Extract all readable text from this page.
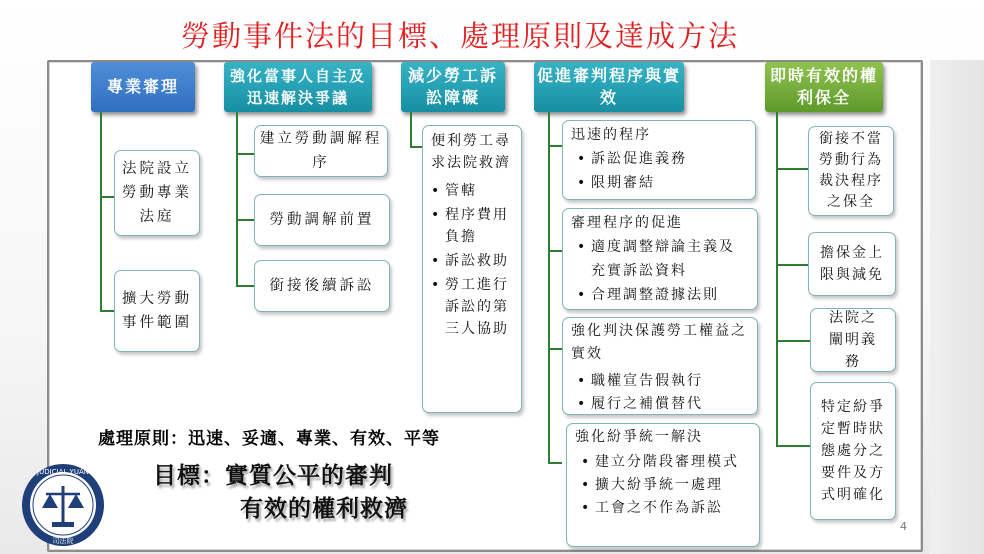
勞動事件法的目標、處理原則及達成方法
專業審理
法院設立勞動專業法庭
擴大勞動事件範圍
強化當事人自主及迅速解決爭議
建立勞動調解程序
勞動調解前置
銜接後續訴訟
減少勞工訴訟障礙
便利勞工尋求法院救濟
• 管轄
• 程序費用負擔
• 訴訟救助
• 勞工進行訴訟的第三人協助
促進審判程序與實效
迅速的程序
• 訴訟促進義務
• 限期審結
審理程序的促進
• 適度調整辯論主義及充實訴訟資料
• 合理調整證據法則
強化判決保護勞工權益之實效
• 職權宣告假執行
• 履行之補償替代
強化紛爭統一解決
• 建立分階段審理模式
• 擴大紛爭統一處理
• 工會之不作為訴訟
即時有效的權利保全
銜接不當勞動行為裁決程序之保全
擔保金上限與減免
法院之闡明義務
特定紛爭定暫時狀態處分之要件及方式明確化
處理原則：迅速、妥適、專業、有效、平等
目標：實質公平的審判
有效的權利救濟
JUDICIAL YUAN
司法院
4
